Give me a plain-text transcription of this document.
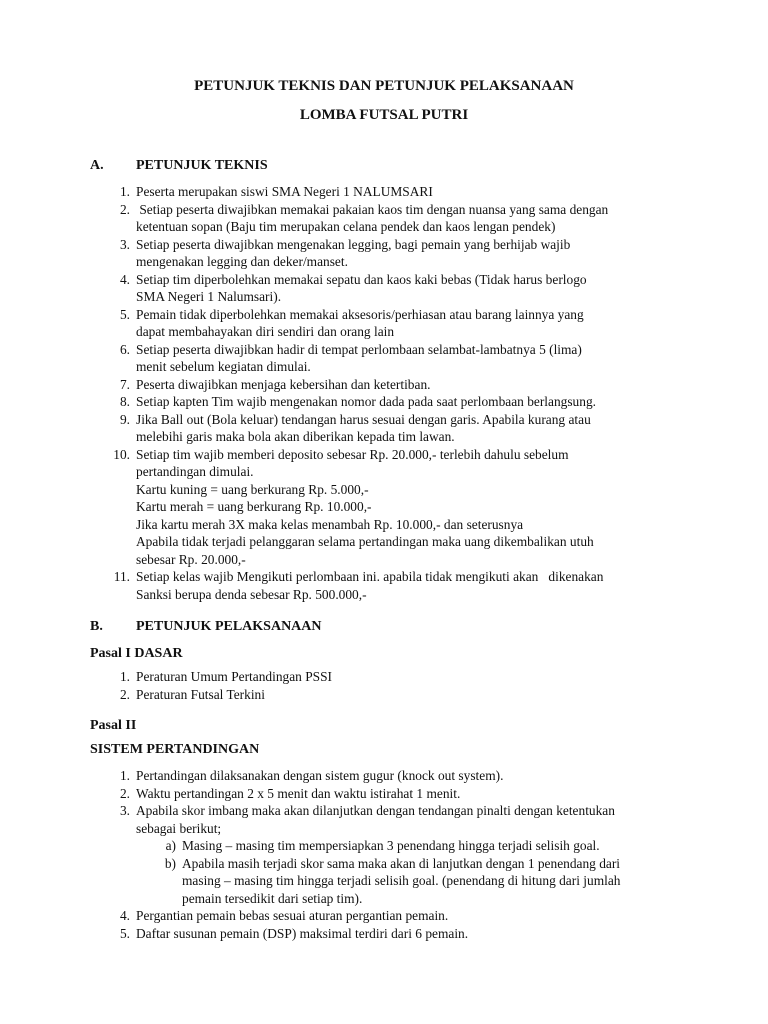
PETUNJUK TEKNIS DAN PETUNJUK PELAKSANAAN
LOMBA FUTSAL PUTRI
A. PETUNJUK TEKNIS
1. Peserta merupakan siswi SMA Negeri 1 NALUMSARI
2. Setiap peserta diwajibkan memakai pakaian kaos tim dengan nuansa yang sama dengan
ketentuan sopan (Baju tim merupakan celana pendek dan kaos lengan pendek)
3. Setiap peserta diwajibkan mengenakan legging, bagi pemain yang berhijab wajib
mengenakan legging dan deker/manset.
4. Setiap tim diperbolehkan memakai sepatu dan kaos kaki bebas (Tidak harus berlogo
SMA Negeri 1 Nalumsari).
5. Pemain tidak diperbolehkan memakai aksesoris/perhiasan atau barang lainnya yang
dapat membahayakan diri sendiri dan orang lain
6. Setiap peserta diwajibkan hadir di tempat perlombaan selambat-lambatnya 5 (lima)
menit sebelum kegiatan dimulai.
7. Peserta diwajibkan menjaga kebersihan dan ketertiban.
8. Setiap kapten Tim wajib mengenakan nomor dada pada saat perlombaan berlangsung.
9. Jika Ball out (Bola keluar) tendangan harus sesuai dengan garis. Apabila kurang atau
melebihi garis maka bola akan diberikan kepada tim lawan.
10. Setiap tim wajib memberi deposito sebesar Rp. 20.000,- terlebih dahulu sebelum
pertandingan dimulai.
Kartu kuning = uang berkurang Rp. 5.000,-
Kartu merah = uang berkurang Rp. 10.000,-
Jika kartu merah 3X maka kelas menambah Rp. 10.000,- dan seterusnya
Apabila tidak terjadi pelanggaran selama pertandingan maka uang dikembalikan utuh
sebesar Rp. 20.000,-
11. Setiap kelas wajib Mengikuti perlombaan ini. apabila tidak mengikuti akan   dikenakan
Sanksi berupa denda sebesar Rp. 500.000,-
B. PETUNJUK PELAKSANAAN
Pasal I DASAR
1. Peraturan Umum Pertandingan PSSI
2. Peraturan Futsal Terkini
Pasal II
SISTEM PERTANDINGAN
1. Pertandingan dilaksanakan dengan sistem gugur (knock out system).
2. Waktu pertandingan 2 x 5 menit dan waktu istirahat 1 menit.
3. Apabila skor imbang maka akan dilanjutkan dengan tendangan pinalti dengan ketentukan
sebagai berikut;
a) Masing – masing tim mempersiapkan 3 penendang hingga terjadi selisih goal.
b) Apabila masih terjadi skor sama maka akan di lanjutkan dengan 1 penendang dari
masing – masing tim hingga terjadi selisih goal. (penendang di hitung dari jumlah
pemain tersedikit dari setiap tim).
4. Pergantian pemain bebas sesuai aturan pergantian pemain.
5. Daftar susunan pemain (DSP) maksimal terdiri dari 6 pemain.
